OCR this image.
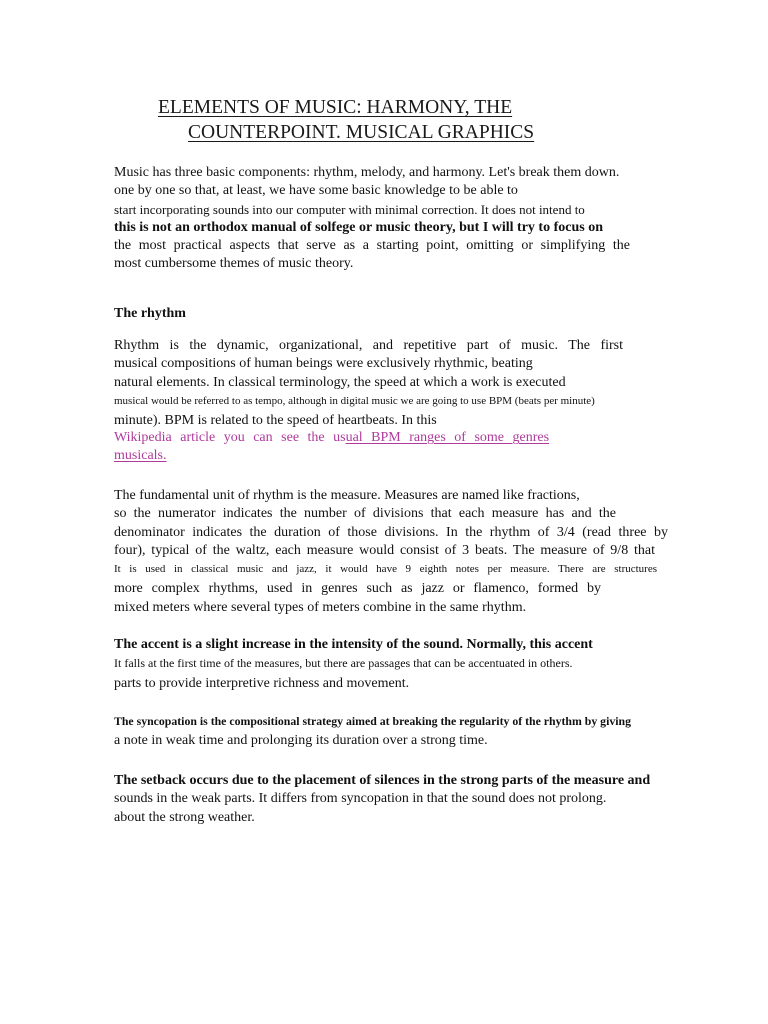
ELEMENTS OF MUSIC: HARMONY, THE
COUNTERPOINT. MUSICAL GRAPHICS
Music has three basic components: rhythm, melody, and harmony. Let's break them down.
one by one so that, at least, we have some basic knowledge to be able to
start incorporating sounds into our computer with minimal correction. It does not intend to
this is not an orthodox manual of solfege or music theory, but I will try to focus on
the most practical aspects that serve as a starting point, omitting or simplifying the
most cumbersome themes of music theory.
The rhythm
Rhythm is the dynamic, organizational, and repetitive part of music. The first
musical compositions of human beings were exclusively rhythmic, beating
natural elements. In classical terminology, the speed at which a work is executed
musical would be referred to as tempo, although in digital music we are going to use BPM (beats per minute)
minute). BPM is related to the speed of heartbeats. In this
Wikipedia article you can see the usual BPM ranges of some genres
musicals.
The fundamental unit of rhythm is the measure. Measures are named like fractions,
so the numerator indicates the number of divisions that each measure has and the
denominator indicates the duration of those divisions. In the rhythm of 3/4 (read three by
four), typical of the waltz, each measure would consist of 3 beats. The measure of 9/8 that
It is used in classical music and jazz, it would have 9 eighth notes per measure. There are structures
more complex rhythms, used in genres such as jazz or flamenco, formed by
mixed meters where several types of meters combine in the same rhythm.
The accent is a slight increase in the intensity of the sound. Normally, this accent
It falls at the first time of the measures, but there are passages that can be accentuated in others.
parts to provide interpretive richness and movement.
The syncopation is the compositional strategy aimed at breaking the regularity of the rhythm by giving
a note in weak time and prolonging its duration over a strong time.
The setback occurs due to the placement of silences in the strong parts of the measure and
sounds in the weak parts. It differs from syncopation in that the sound does not prolong.
about the strong weather.
